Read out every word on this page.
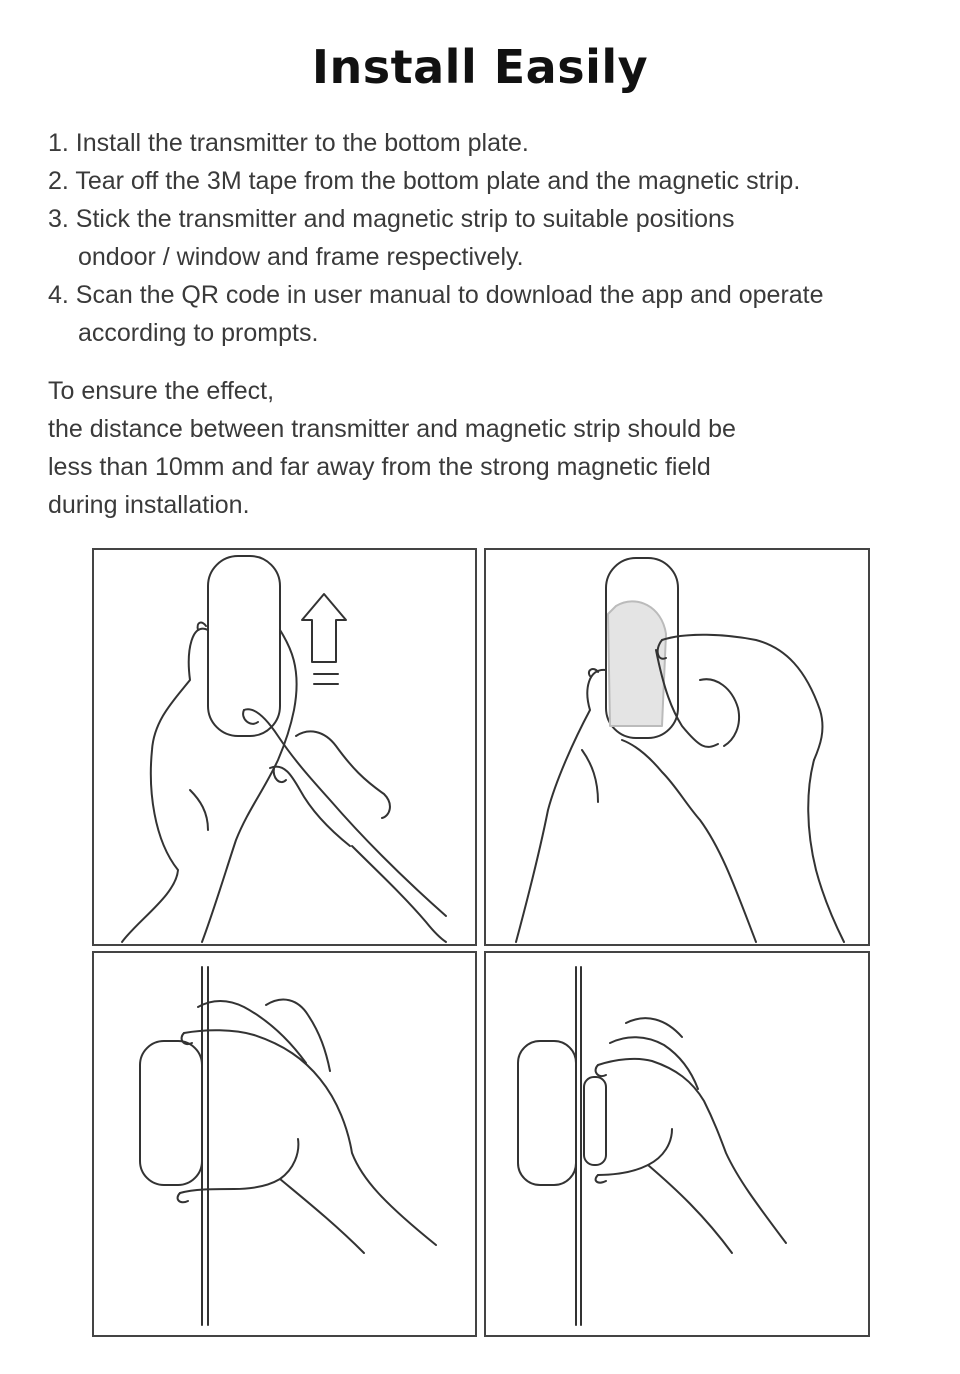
Install Easily
1. Install the transmitter to the bottom plate.
2. Tear off the 3M tape from the bottom plate and the magnetic strip.
3. Stick the transmitter and magnetic strip to suitable positions
ondoor / window and frame respectively.
4. Scan the QR code in user manual to download the app and operate
according to prompts.
To ensure the effect,
the distance between transmitter and magnetic strip should be
less than 10mm and far away from the strong magnetic field
during installation.
